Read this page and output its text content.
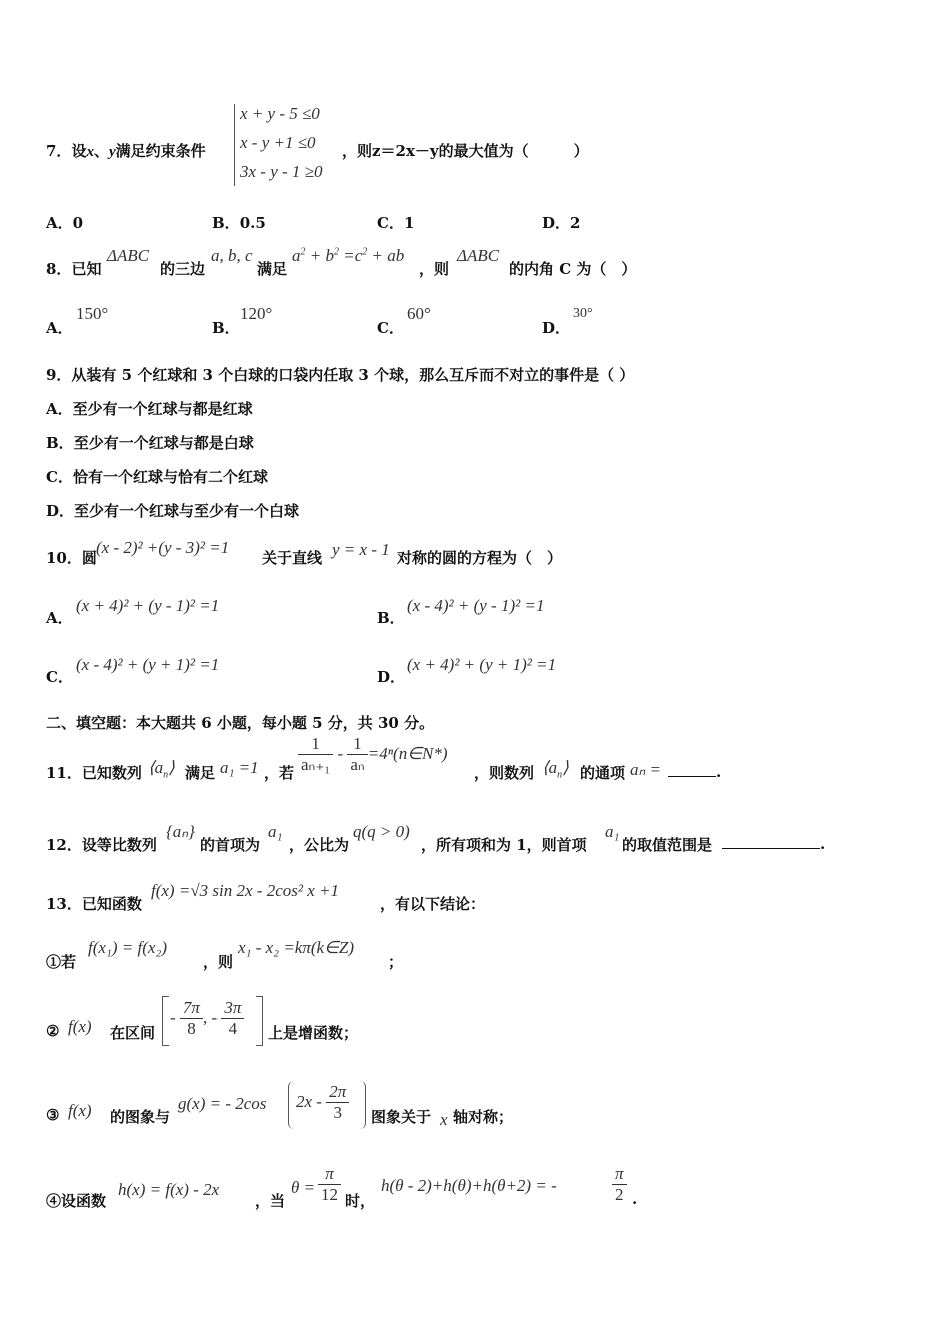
7．设x、y满足约束条件
x + y - 5 ≤0
x - y +1 ≤0
3x - y - 1 ≥0
，则z＝2x－y的最大值为（　　　）
A．0	B．0.5	C．1	D．2
8．已知
ΔABC
的三边
a, b, c
满足
$a^2 + b^2 =c^2$ + ab
，则
ΔABC
的内角 C 为（　）
A．
150°
B．
120°
C．
60°
D．
30°
9．从装有 5 个红球和 3 个白球的口袋内任取 3 个球，那么互斥而不对立的事件是（ ）
A．至少有一个红球与都是红球
B．至少有一个红球与都是白球
C．恰有一个红球与恰有二个红球
D．至少有一个红球与至少有一个白球
10．圆
(x - 2)² +(y - 3)² =1
关于直线 y = x - 1 对称的圆的方程为（　）
A．
(x + 4)² + (y - 1)² =1
B．
(x - 4)² + (y - 1)² =1
C．
(x - 4)² + (y + 1)² =1
D．
(x + 4)² + (y + 1)² =1
二、填空题：本大题共 6 小题，每小题 5 分，共 30 分。
11．已知数列 $⟨a_n⟩$ 满足 a₁ =1 ，若 $\frac{1}{\text{aₙ₊₁}} - \frac{1}{\text{aₙ}}$ =4ⁿ(n∈N*)
，则数列 $⟨a_n⟩$ 的通项 aₙ =	.
12．设等比数列
{aₙ}
的首项为
a₁
，公比为
q(q > 0)
，所有项和为 1，则首项
a₁
的取值范围是	.
13．已知函数
f(x) =√3 sin 2x - 2cos² x +1
，有以下结论：
①若
f(x₁) = f(x₂)
，则
x₁ - x₂ =kπ(k∈Z)
；
② f(x) 在区间
- $\frac{7\pi}{8}$ , - $\frac{3\pi}{4}$ 上是增函数；
③ f(x) 的图象与
g(x) = - 2cos $2x - \frac{2\pi}{3}$ 图象关于 x 轴对称；
④设函数
h(x) = f(x) - 2x
，当
$\theta = \frac{\pi}{12}$ 时，
h(θ - 2)+h(θ)+h(θ+2) = -	$\frac{\pi}{2}$ .
